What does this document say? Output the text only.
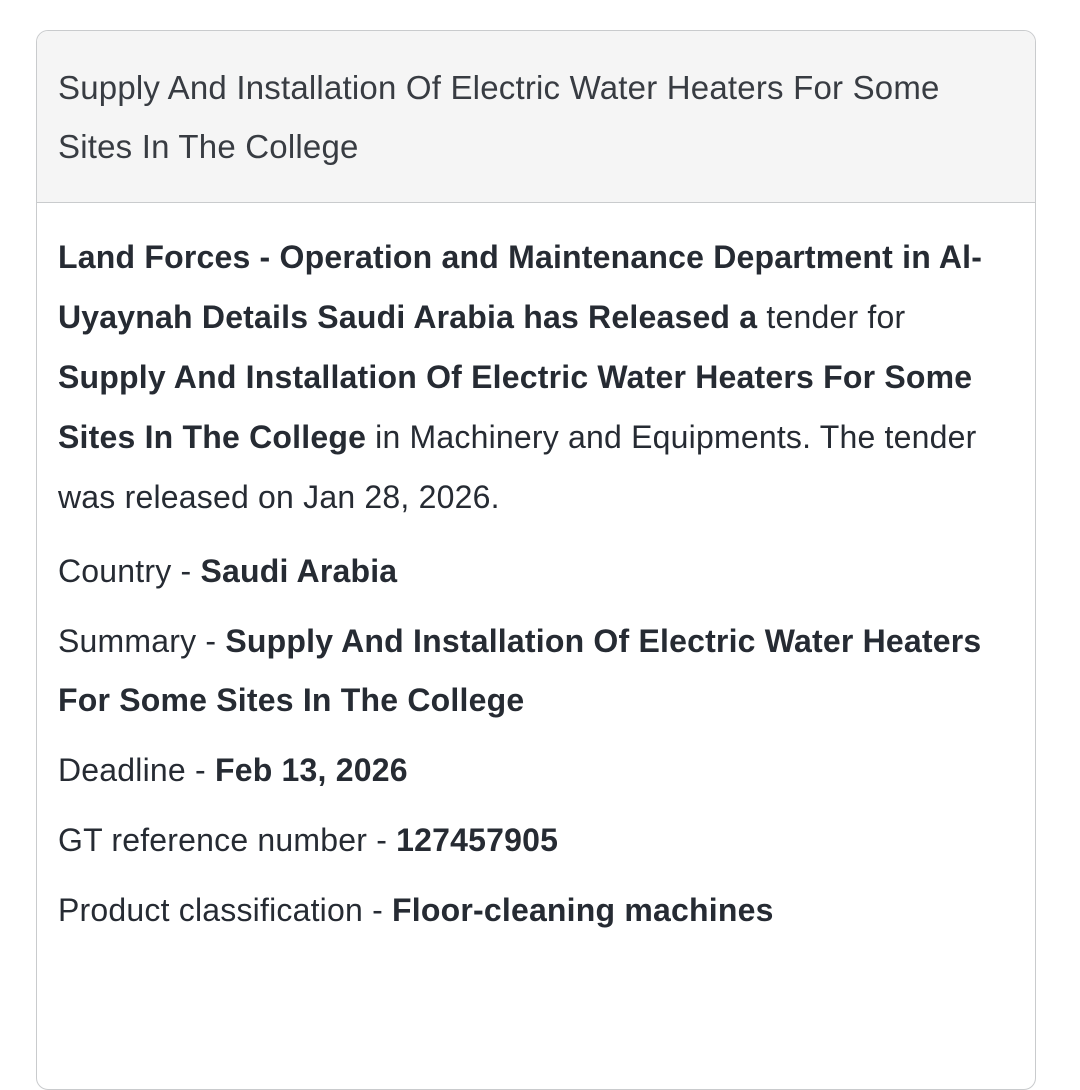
Supply And Installation Of Electric Water Heaters For Some Sites In The College

Land Forces - Operation and Maintenance Department in Al-Uyaynah Details Saudi Arabia has Released a tender for Supply And Installation Of Electric Water Heaters For Some Sites In The College in Machinery and Equipments. The tender was released on Jan 28, 2026.

Country - Saudi Arabia
Summary - Supply And Installation Of Electric Water Heaters For Some Sites In The College
Deadline - Feb 13, 2026
GT reference number - 127457905
Product classification - Floor-cleaning machines
